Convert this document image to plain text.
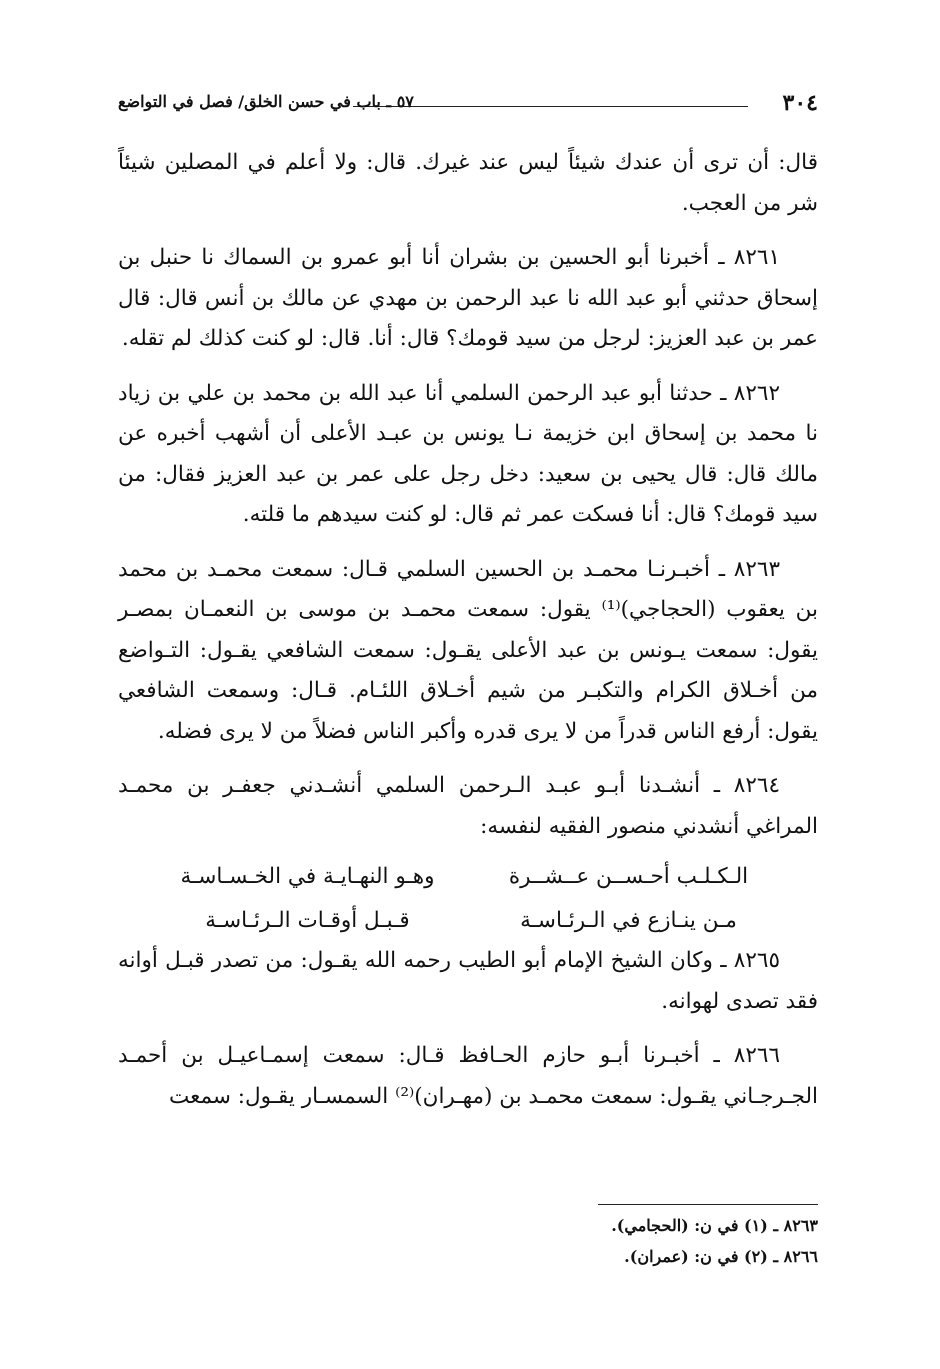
٣٠٤
٥٧ ـ باب في حسن الخلق/ فصل في التواضع

قال: أن ترى أن عندك شيئاً ليس عند غيرك. قال: ولا أعلم في المصلين شيئاً شر من العجب.

٨٢٦١ ـ أخبرنا أبو الحسين بن بشران أنا أبو عمرو بن السماك نا حنبل بن إسحاق حدثني أبو عبد الله نا عبد الرحمن بن مهدي عن مالك بن أنس قال: قال عمر بن عبد العزيز: لرجل من سيد قومك؟ قال: أنا. قال: لو كنت كذلك لم تقله.

٨٢٦٢ ـ حدثنا أبو عبد الرحمن السلمي أنا عبد الله بن محمد بن علي بن زياد نا محمد بن إسحاق ابن خزيمة نـا يونس بن عبـد الأعلى أن أشهب أخبره عن مالك قال: قال يحيى بن سعيد: دخل رجل على عمر بن عبد العزيز فقال: من سيد قومك؟ قال: أنا فسكت عمر ثم قال: لو كنت سيدهم ما قلته.

٨٢٦٣ ـ أخبـرنـا محمـد بن الحسين السلمي قـال: سمعت محمـد بن محمد بن يعقوب (الحجاجي)⁽¹⁾ يقول: سمعت محمـد بن موسى بن النعمـان بمصـر يقول: سمعت يـونس بن عبد الأعلى يقـول: سمعت الشافعي يقـول: التـواضع من أخـلاق الكرام والتكبـر من شيم أخـلاق اللئـام. قـال: وسمعت الشافعي يقول: أرفع الناس قدراً من لا يرى قدره وأكبر الناس فضلاً من لا يرى فضله.

٨٢٦٤ ـ أنشـدنا أبـو عبـد الـرحمن السلمي أنشـدني جعفـر بن محمـد المراغي أنشدني منصور الفقيه لنفسه:

الـكـلـب أحـســن عــشــرة
وهـو النهـايـة في الخـسـاسـة
مـن ينـازع في الـرئـاسـة
قـبـل أوقـات الـرئـاسـة

٨٢٦٥ ـ وكان الشيخ الإمام أبو الطيب رحمه الله يقـول: من تصدر قبـل أوانه فقد تصدى لهوانه.

٨٢٦٦ ـ أخبـرنا أبـو حازم الحـافظ قـال: سمعت إسمـاعيـل بن أحمـد الجـرجـاني يقـول: سمعت محمـد بن (مهـران)⁽²⁾ السمسـار يقـول: سمعت

٨٢٦٣ ـ (١) في ن: (الحجامي).
٨٢٦٦ ـ (٢) في ن: (عمران).
